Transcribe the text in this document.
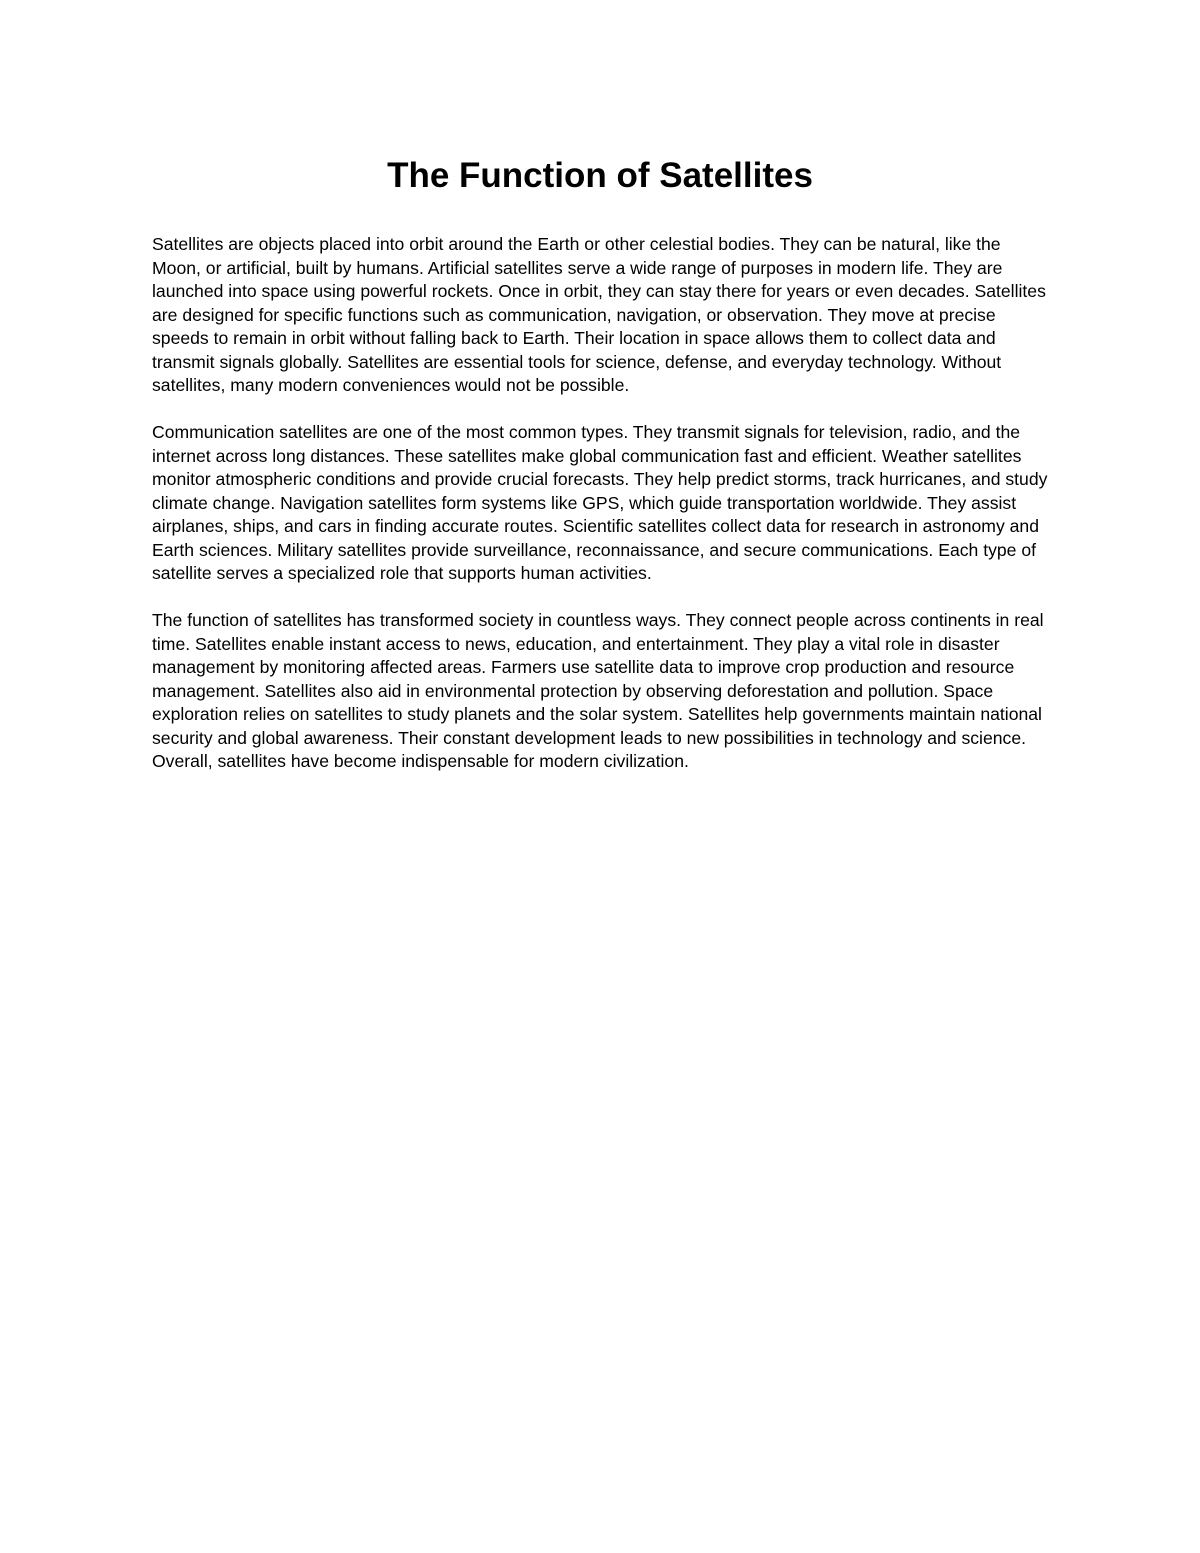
The Function of Satellites

Satellites are objects placed into orbit around the Earth or other celestial bodies. They can be natural, like the Moon, or artificial, built by humans. Artificial satellites serve a wide range of purposes in modern life. They are launched into space using powerful rockets. Once in orbit, they can stay there for years or even decades. Satellites are designed for specific functions such as communication, navigation, or observation. They move at precise speeds to remain in orbit without falling back to Earth. Their location in space allows them to collect data and transmit signals globally. Satellites are essential tools for science, defense, and everyday technology. Without satellites, many modern conveniences would not be possible.

Communication satellites are one of the most common types. They transmit signals for television, radio, and the internet across long distances. These satellites make global communication fast and efficient. Weather satellites monitor atmospheric conditions and provide crucial forecasts. They help predict storms, track hurricanes, and study climate change. Navigation satellites form systems like GPS, which guide transportation worldwide. They assist airplanes, ships, and cars in finding accurate routes. Scientific satellites collect data for research in astronomy and Earth sciences. Military satellites provide surveillance, reconnaissance, and secure communications. Each type of satellite serves a specialized role that supports human activities.

The function of satellites has transformed society in countless ways. They connect people across continents in real time. Satellites enable instant access to news, education, and entertainment. They play a vital role in disaster management by monitoring affected areas. Farmers use satellite data to improve crop production and resource management. Satellites also aid in environmental protection by observing deforestation and pollution. Space exploration relies on satellites to study planets and the solar system. Satellites help governments maintain national security and global awareness. Their constant development leads to new possibilities in technology and science. Overall, satellites have become indispensable for modern civilization.
